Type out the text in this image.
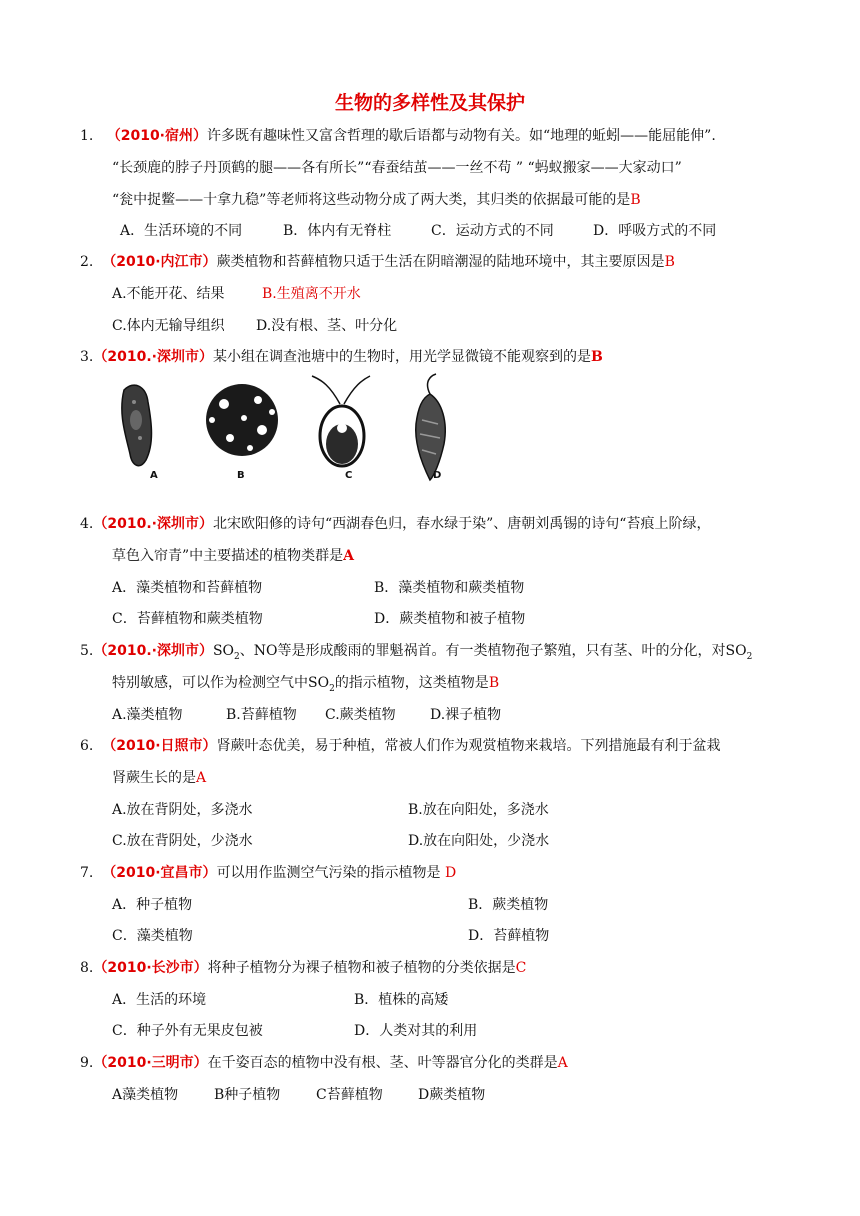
生物的多样性及其保护
1. （2010·宿州）许多既有趣味性又富含哲理的歇后语都与动物有关。如“地理的蚯蚓——能屈能伸”.
“长颈鹿的脖子丹顶鹤的腿——各有所长”“春蚕结茧——一丝不苟 ” “蚂蚁搬家——大家动口”
“瓮中捉鳖——十拿九稳”等老师将这些动物分成了两大类，其归类的依据最可能的是B
A．生活环境的不同	B．体内有无脊柱	C．运动方式的不同	D．呼吸方式的不同
2. （2010·内江市）蕨类植物和苔藓植物只适于生活在阴暗潮湿的陆地环境中，其主要原因是B
A.不能开花、结果	B.生殖离不开水
C.体内无输导组织 D.没有根、茎、叶分化
3.（2010.·深圳市）某小组在调查池塘中的生物时，用光学显微镜不能观察到的是B
A	B	C	D
4.（2010.·深圳市）北宋欧阳修的诗句“西湖春色归，春水绿于染”、唐朝刘禹锡的诗句“苔痕上阶绿，
草色入帘青”中主要描述的植物类群是A
A．藻类植物和苔藓植物	B．藻类植物和蕨类植物
C．苔藓植物和蕨类植物	D．蕨类植物和被子植物
5.（2010.·深圳市）$SO_2$、NO等是形成酸雨的罪魁祸首。有一类植物孢子繁殖，只有茎、叶的分化，对$SO_2$
特别敏感，可以作为检测空气中$SO_2$的指示植物，这类植物是B
A.藻类植物	B.苔藓植物 C.蕨类植物 D.裸子植物
6. （2010·日照市）肾蕨叶态优美，易于种植，常被人们作为观赏植物来栽培。下列措施最有利于盆栽
肾蕨生长的是A
A.放在背阴处，多浇水	B.放在向阳处，多浇水
C.放在背阴处，少浇水	D.放在向阳处，少浇水
7. （2010·宜昌市）可以用作监测空气污染的指示植物是 D
A．种子植物	B．蕨类植物
C．藻类植物	D．苔藓植物
8.（2010·长沙市）将种子植物分为裸子植物和被子植物的分类依据是C
A．生活的环境	B．植株的高矮
C．种子外有无果皮包被	D．人类对其的利用
9.（2010·三明市）在千姿百态的植物中没有根、茎、叶等器官分化的类群是A
A藻类植物	B种子植物	C苔藓植物	D蕨类植物
